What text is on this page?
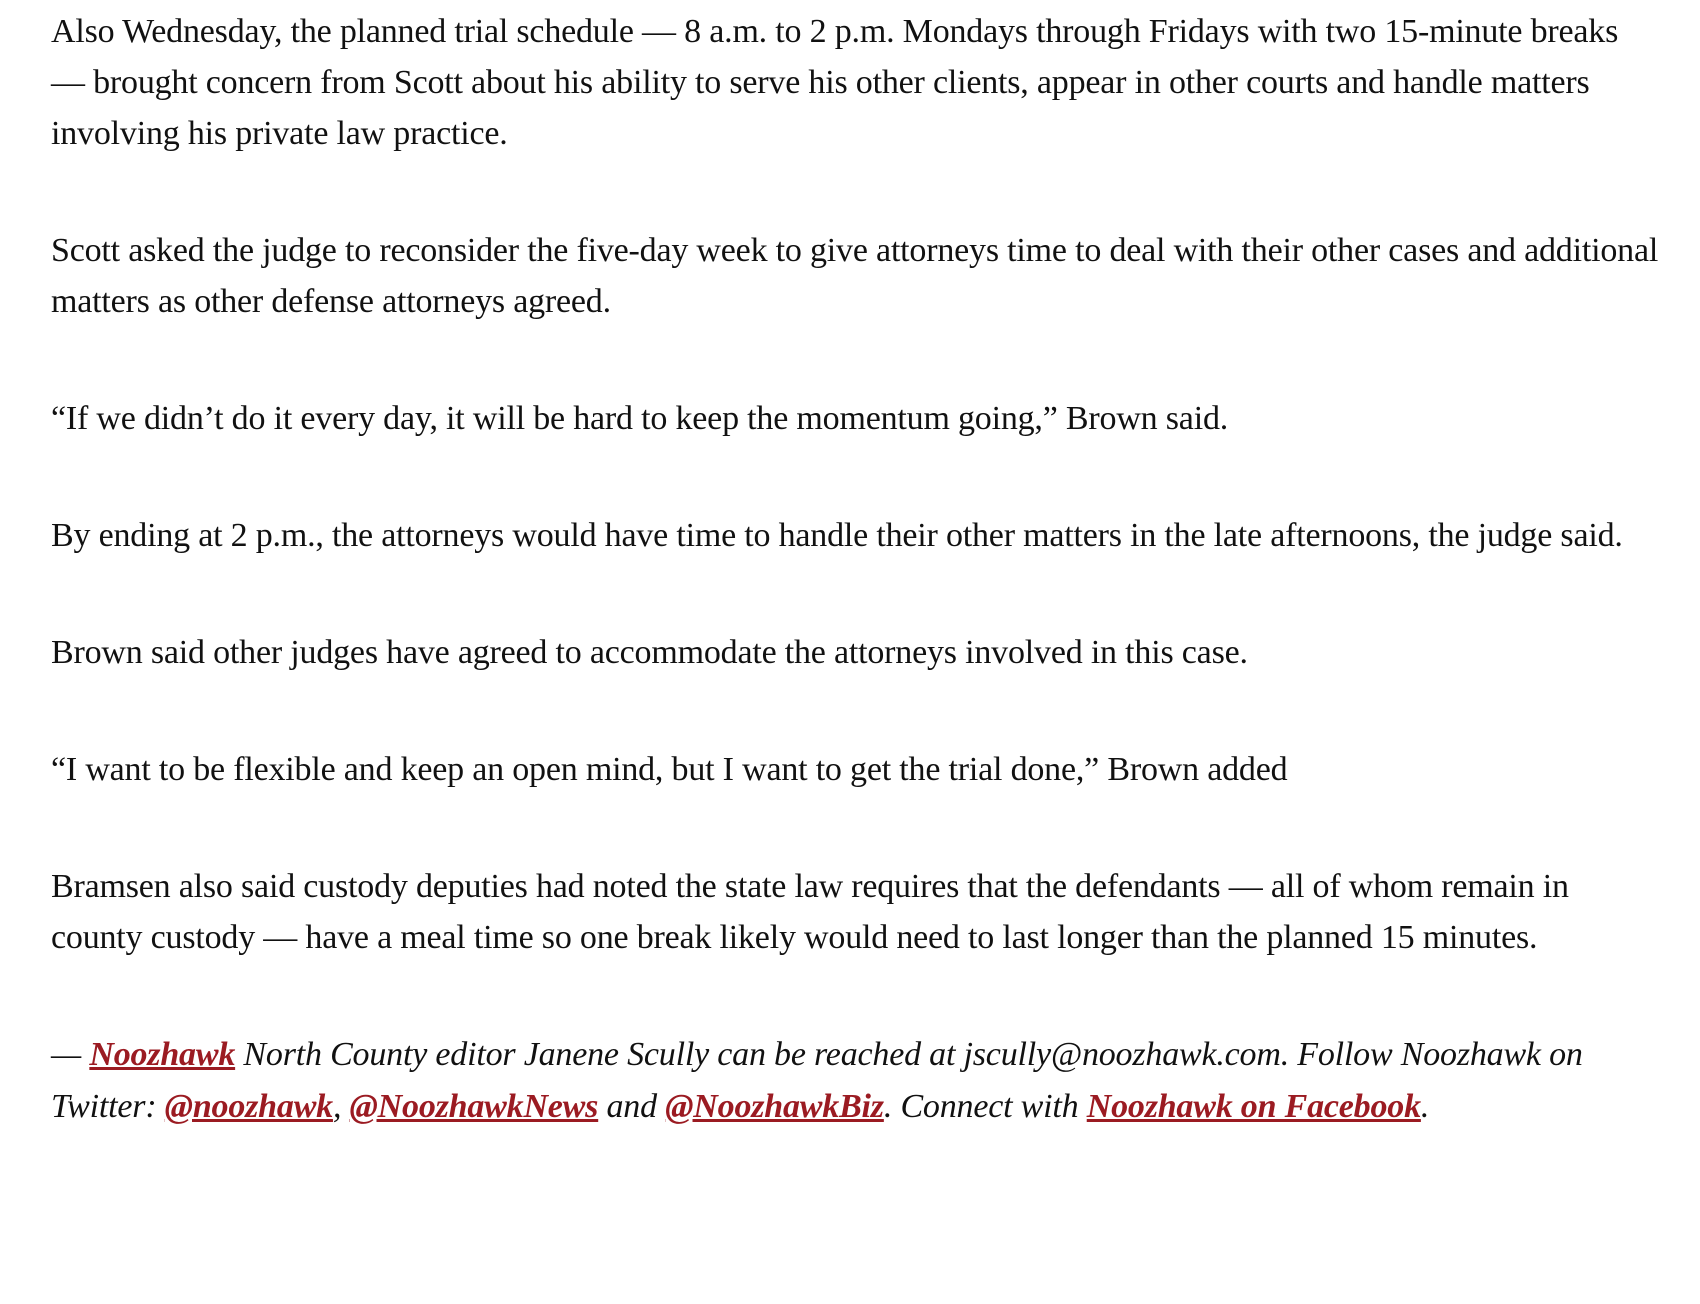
Also Wednesday, the planned trial schedule — 8 a.m. to 2 p.m. Mondays through Fridays with two 15-minute breaks — brought concern from Scott about his ability to serve his other clients, appear in other courts and handle matters involving his private law practice.

Scott asked the judge to reconsider the five-day week to give attorneys time to deal with their other cases and additional matters as other defense attorneys agreed.

“If we didn’t do it every day, it will be hard to keep the momentum going,” Brown said.

By ending at 2 p.m., the attorneys would have time to handle their other matters in the late afternoons, the judge said.

Brown said other judges have agreed to accommodate the attorneys involved in this case.

“I want to be flexible and keep an open mind, but I want to get the trial done,” Brown added

Bramsen also said custody deputies had noted the state law requires that the defendants — all of whom remain in county custody — have a meal time so one break likely would need to last longer than the planned 15 minutes.

— Noozhawk North County editor Janene Scully can be reached at jscully@noozhawk.com. Follow Noozhawk on Twitter: @noozhawk, @NoozhawkNews and @NoozhawkBiz. Connect with Noozhawk on Facebook.
